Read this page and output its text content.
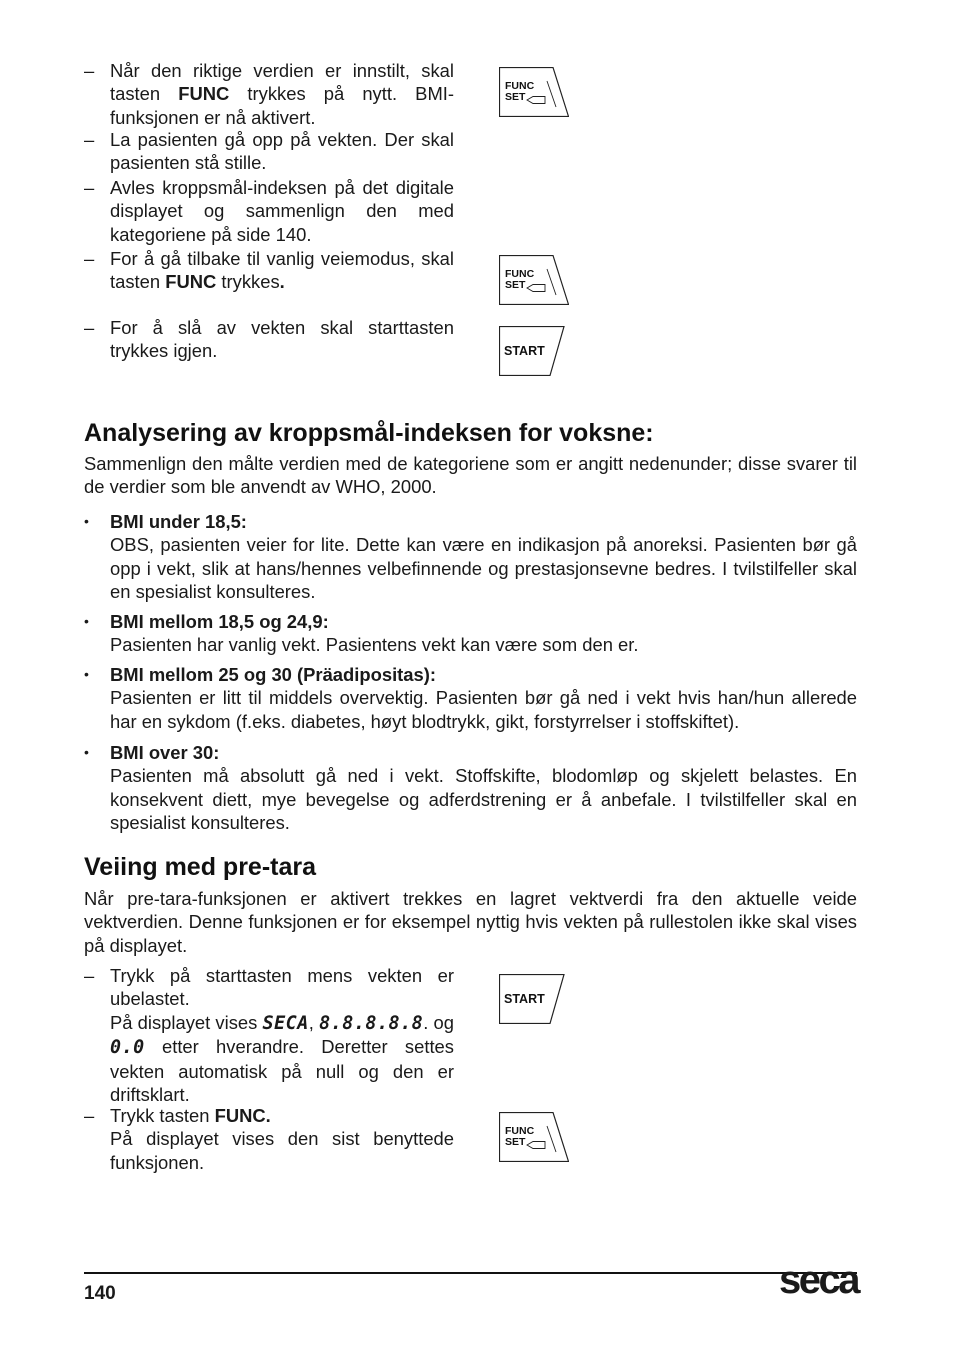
– Når den riktige verdien er innstilt, skal tasten FUNC trykkes på nytt. BMI-funksjonen er nå aktivert.
– La pasienten gå opp på vekten. Der skal pasienten stå stille.
– Avles kroppsmål-indeksen på det digitale displayet og sammenlign den med kategoriene på side 140.
– For å gå tilbake til vanlig veiemodus, skal tasten FUNC trykkes.
– For å slå av vekten skal starttasten trykkes igjen.
FUNC
SET
FUNC
SET
START
Analysering av kroppsmål-indeksen for voksne:
Sammenlign den målte verdien med de kategoriene som er angitt nedenunder; disse svarer til de verdier som ble anvendt av WHO, 2000.
•	BMI under 18,5:
OBS, pasienten veier for lite. Dette kan være en indikasjon på anoreksi. Pasienten bør gå opp i vekt, slik at hans/hennes velbefinnende og prestasjonsevne bedres. I tvilstilfeller skal en spesialist konsulteres.
•	BMI mellom 18,5 og 24,9:
Pasienten har vanlig vekt. Pasientens vekt kan være som den er.
•	BMI mellom 25 og 30 (Präadipositas):
Pasienten er litt til middels overvektig. Pasienten bør gå ned i vekt hvis han/hun allerede har en sykdom (f.eks. diabetes, høyt blodtrykk, gikt, forstyrrelser i stoffskiftet).
•	BMI over 30:
Pasienten må absolutt gå ned i vekt. Stoffskifte, blodomløp og skjelett belastes. En konsekvent diett, mye bevegelse og adferdstrening er å anbefale. I tvilstilfeller skal en spesialist konsulteres.
Veiing med pre-tara
Når pre-tara-funksjonen er aktivert trekkes en lagret vektverdi fra den aktuelle veide vektverdien. Denne funksjonen er for eksempel nyttig hvis vekten på rullestolen ikke skal vises på displayet.
– Trykk på starttasten mens vekten er ubelastet.
På displayet vises SECA, 8.8.8.8.8. og 0.0 etter hverandre. Deretter settes vekten automatisk på null og den er driftsklart.
– Trykk tasten FUNC.
På displayet vises den sist benyttede funksjonen.
START
FUNC
SET
140	seca
